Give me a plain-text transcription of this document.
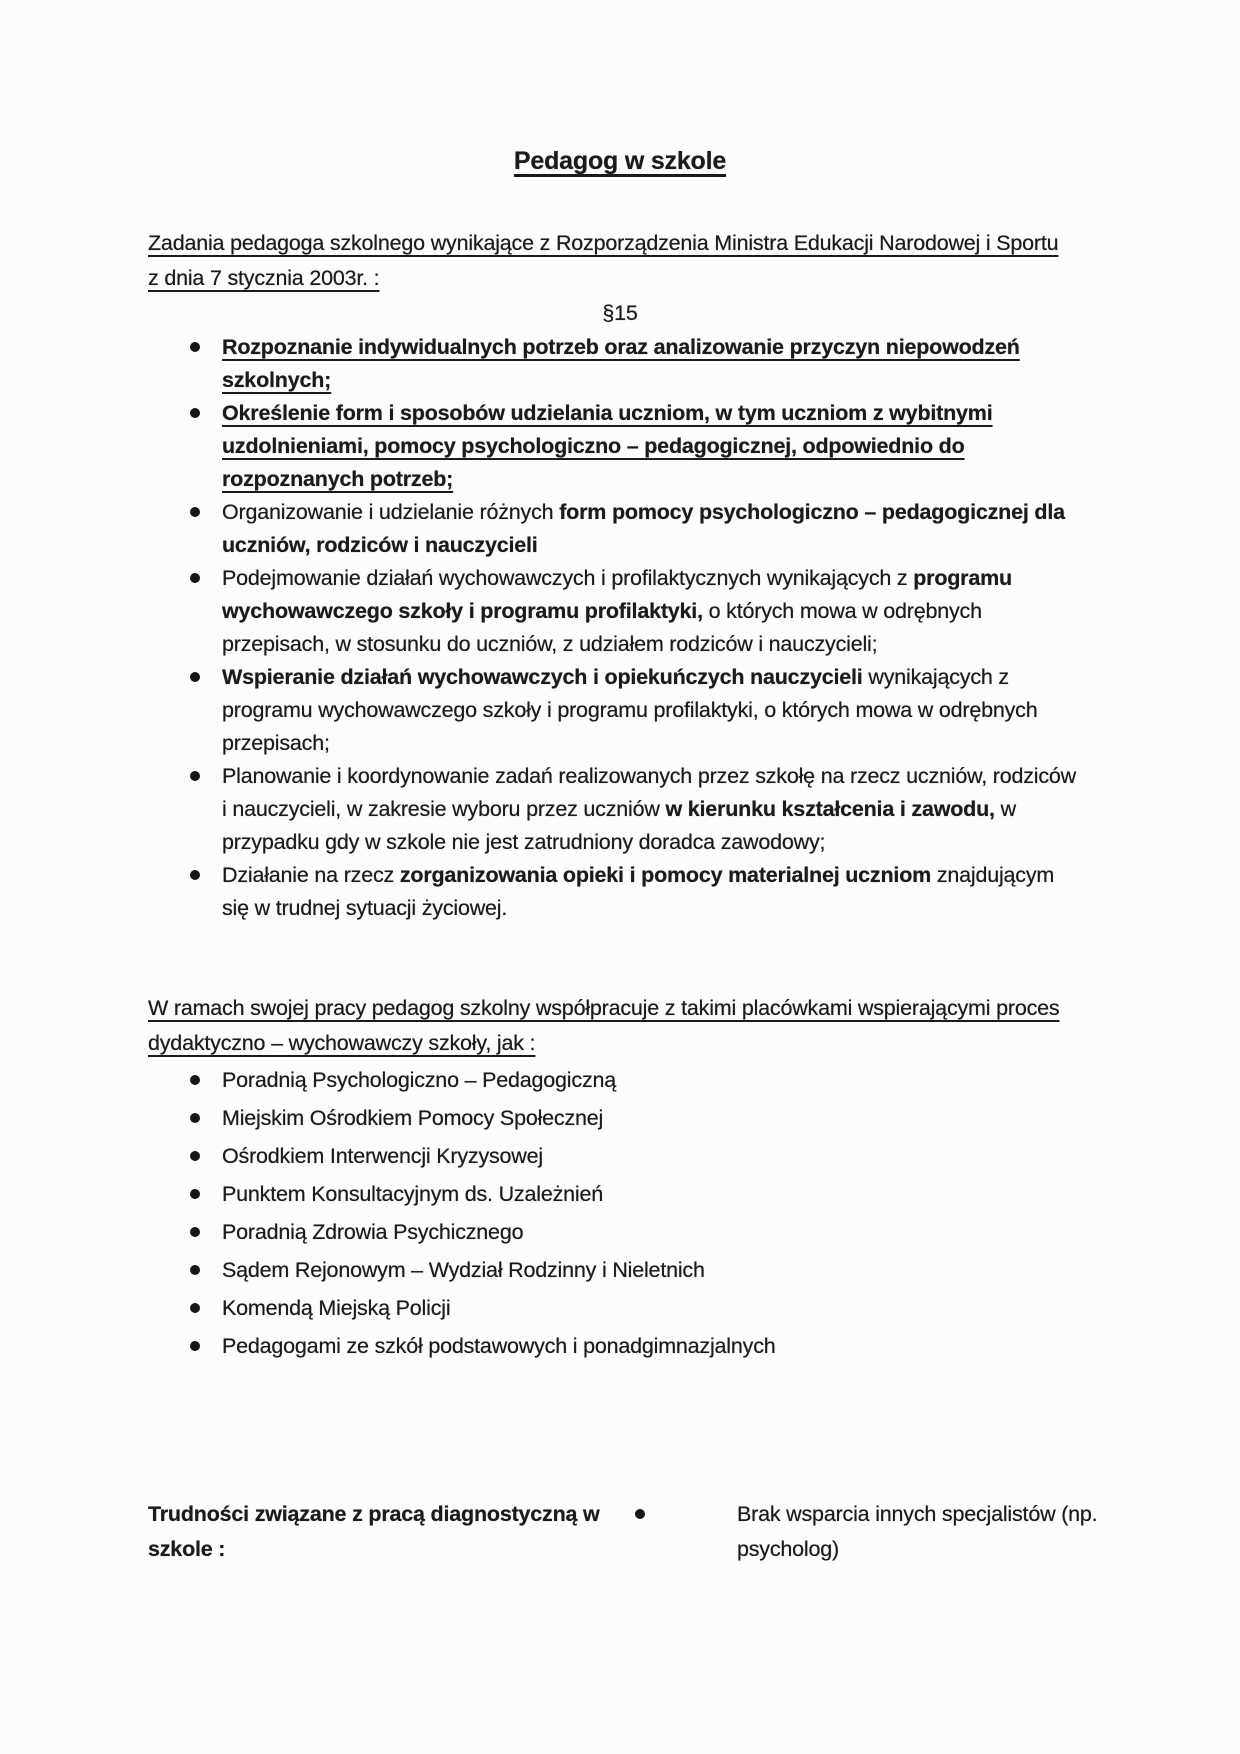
Pedagog w szkole

Zadania pedagoga szkolnego wynikające z Rozporządzenia Ministra Edukacji Narodowej i Sportu z dnia 7 stycznia 2003r. :

§15

Rozpoznanie indywidualnych potrzeb oraz analizowanie przyczyn niepowodzeń szkolnych;
Określenie form i sposobów udzielania uczniom, w tym uczniom z wybitnymi uzdolnieniami, pomocy psychologiczno – pedagogicznej, odpowiednio do rozpoznanych potrzeb;
Organizowanie i udzielanie różnych form pomocy psychologiczno – pedagogicznej dla uczniów, rodziców i nauczycieli
Podejmowanie działań wychowawczych i profilaktycznych wynikających z programu wychowawczego szkoły i programu profilaktyki, o których mowa w odrębnych przepisach, w stosunku do uczniów, z udziałem rodziców i nauczycieli;
Wspieranie działań wychowawczych i opiekuńczych nauczycieli wynikających z programu wychowawczego szkoły i programu profilaktyki, o których mowa w odrębnych przepisach;
Planowanie i koordynowanie zadań realizowanych przez szkołę na rzecz uczniów, rodziców i nauczycieli, w zakresie wyboru przez uczniów w kierunku kształcenia i zawodu, w przypadku gdy w szkole nie jest zatrudniony doradca zawodowy;
Działanie na rzecz zorganizowania opieki i pomocy materialnej uczniom znajdującym się w trudnej sytuacji życiowej.

W ramach swojej pracy pedagog szkolny współpracuje z takimi placówkami wspierającymi proces dydaktyczno – wychowawczy szkoły, jak :

Poradnią Psychologiczno – Pedagogiczną
Miejskim Ośrodkiem Pomocy Społecznej
Ośrodkiem Interwencji Kryzysowej
Punktem Konsultacyjnym ds. Uzależnień
Poradnią Zdrowia Psychicznego
Sądem Rejonowym – Wydział Rodzinny i Nieletnich
Komendą Miejską Policji
Pedagogami ze szkół podstawowych i ponadgimnazjalnych
Trudności związane z pracą diagnostyczną w szkole :
Brak wsparcia innych specjalistów (np. psycholog)
